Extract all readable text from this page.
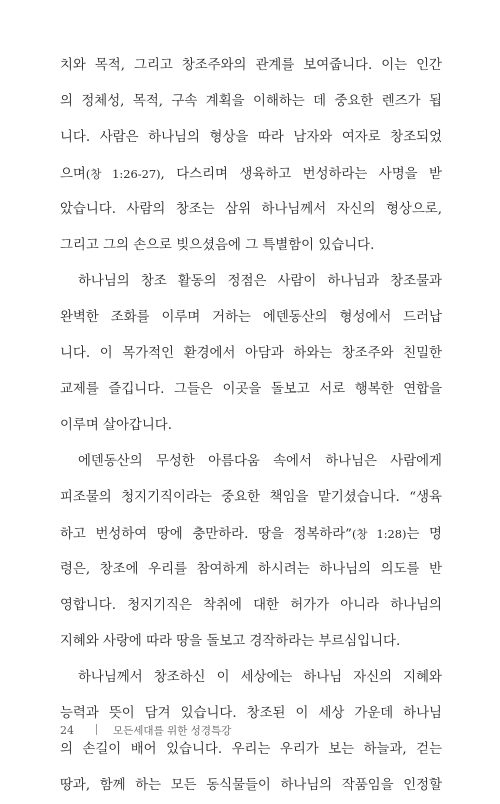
치와 목적, 그리고 창조주와의 관계를 보여줍니다. 이는 인간
의 정체성, 목적, 구속 계획을 이해하는 데 중요한 렌즈가 됩
니다. 사람은 하나님의 형상을 따라 남자와 여자로 창조되었
으며(창 1:26-27), 다스리며 생육하고 번성하라는 사명을 받
았습니다. 사람의 창조는 삼위 하나님께서 자신의 형상으로,
그리고 그의 손으로 빚으셨음에 그 특별함이 있습니다.
하나님의 창조 활동의 정점은 사람이 하나님과 창조물과
완벽한 조화를 이루며 거하는 에덴동산의 형성에서 드러납
니다. 이 목가적인 환경에서 아담과 하와는 창조주와 친밀한
교제를 즐깁니다. 그들은 이곳을 돌보고 서로 행복한 연합을
이루며 살아갑니다.
에덴동산의 무성한 아름다움 속에서 하나님은 사람에게
피조물의 청지기직이라는 중요한 책임을 맡기셨습니다. “생육
하고 번성하여 땅에 충만하라. 땅을 정복하라”(창 1:28)는 명
령은, 창조에 우리를 참여하게 하시려는 하나님의 의도를 반
영합니다. 청지기직은 착취에 대한 허가가 아니라 하나님의
지혜와 사랑에 따라 땅을 돌보고 경작하라는 부르심입니다.
하나님께서 창조하신 이 세상에는 하나님 자신의 지혜와
능력과 뜻이 담겨 있습니다. 창조된 이 세상 가운데 하나님
의 손길이 배어 있습니다. 우리는 우리가 보는 하늘과, 걷는
땅과, 함께 하는 모든 동식물들이 하나님의 작품임을 인정할
24	모든세대를 위한 성경특강
